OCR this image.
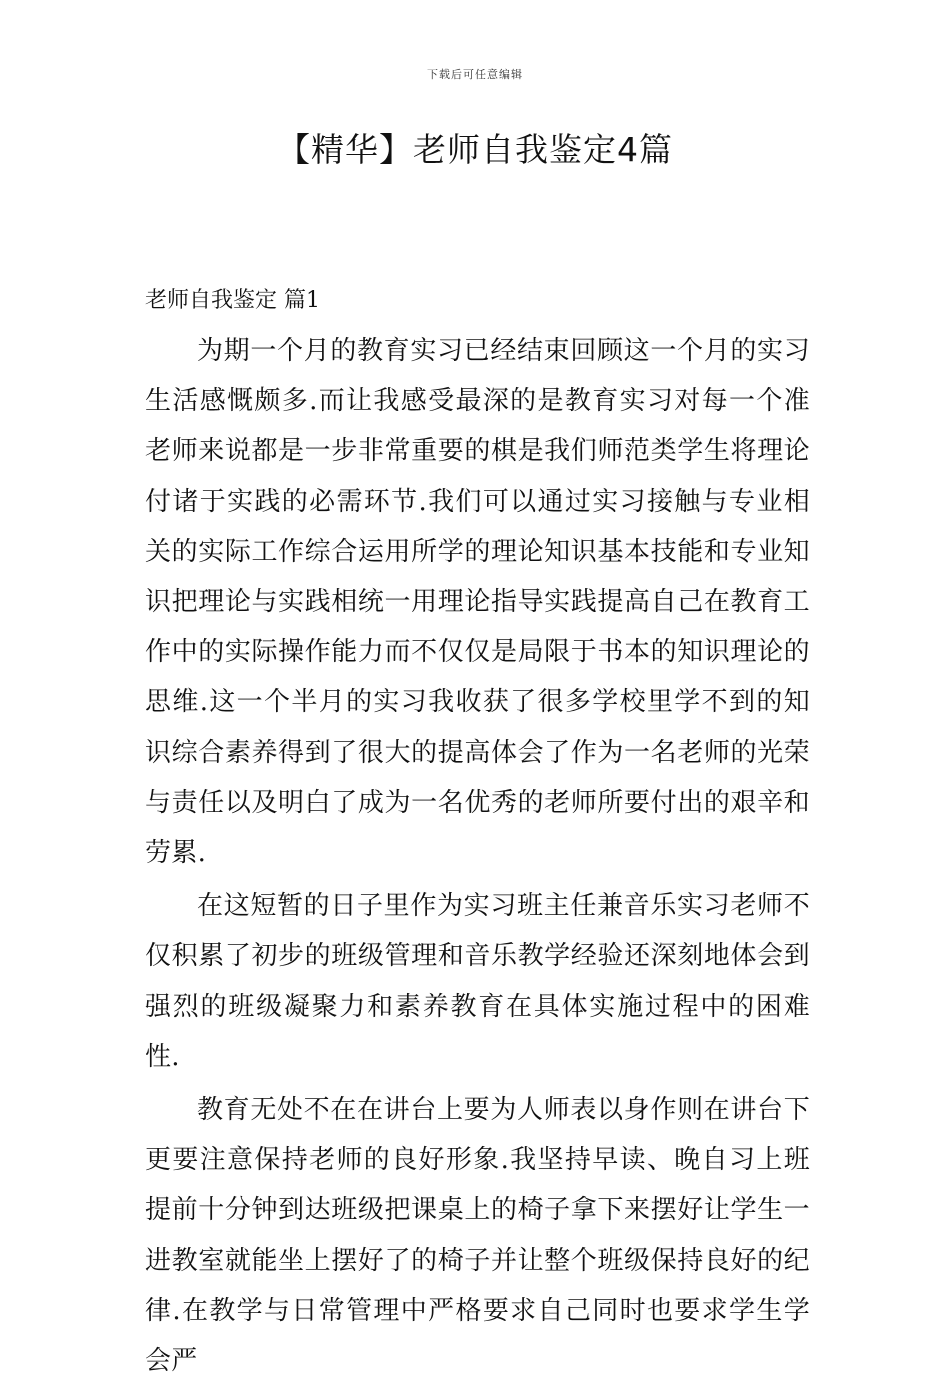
下载后可任意编辑
【精华】老师自我鉴定4篇
老师自我鉴定 篇1

为期一个月的教育实习已经结束回顾这一个月的实习生活感慨颇多.而让我感受最深的是教育实习对每一个准老师来说都是一步非常重要的棋是我们师范类学生将理论付诸于实践的必需环节.我们可以通过实习接触与专业相关的实际工作综合运用所学的理论知识基本技能和专业知识把理论与实践相统一用理论指导实践提高自己在教育工作中的实际操作能力而不仅仅是局限于书本的知识理论的思维.这一个半月的实习我收获了很多学校里学不到的知识综合素养得到了很大的提高体会了作为一名老师的光荣与责任以及明白了成为一名优秀的老师所要付出的艰辛和劳累.

在这短暂的日子里作为实习班主任兼音乐实习老师不仅积累了初步的班级管理和音乐教学经验还深刻地体会到强烈的班级凝聚力和素养教育在具体实施过程中的困难性.

教育无处不在在讲台上要为人师表以身作则在讲台下更要注意保持老师的良好形象.我坚持早读、晚自习上班提前十分钟到达班级把课桌上的椅子拿下来摆好让学生一进教室就能坐上摆好了的椅子并让整个班级保持良好的纪律.在教学与日常管理中严格要求自己同时也要求学生学会严
